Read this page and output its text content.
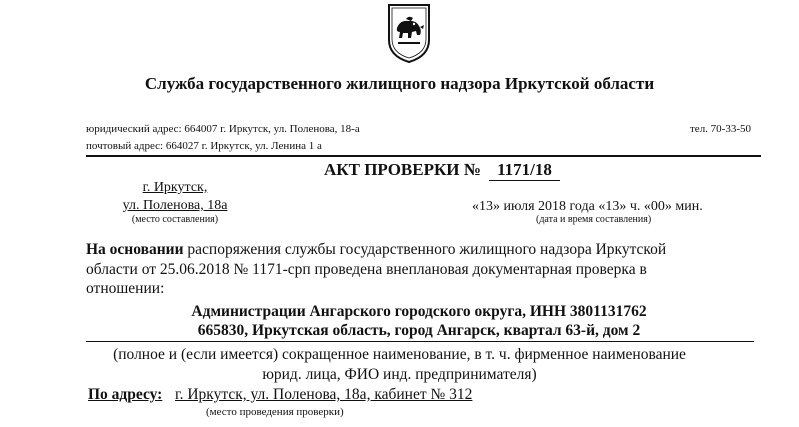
Служба государственного жилищного надзора Иркутской области
юридический адрес: 664007 г. Иркутск, ул. Поленова, 18-а
почтовый адрес: 664027 г. Иркутск, ул. Ленина 1 а
тел. 70-33-50
АКТ ПРОВЕРКИ № 1171/18
г. Иркутск,
ул. Поленова, 18а
(место составления)
«13» июля 2018 года «13» ч. «00» мин.
(дата и время составления)
На основании распоряжения службы государственного жилищного надзора Иркутской
области от 25.06.2018 № 1171-срп проведена внеплановая документарная проверка в
отношении:
Администрации Ангарского городского округа, ИНН 3801131762
665830, Иркутская область, город Ангарск, квартал 63-й, дом 2
(полное и (если имеется) сокращенное наименование, в т. ч. фирменное наименование
юрид. лица, ФИО инд. предпринимателя)
По адресу: г. Иркутск, ул. Поленова, 18а, кабинет № 312
(место проведения проверки)
